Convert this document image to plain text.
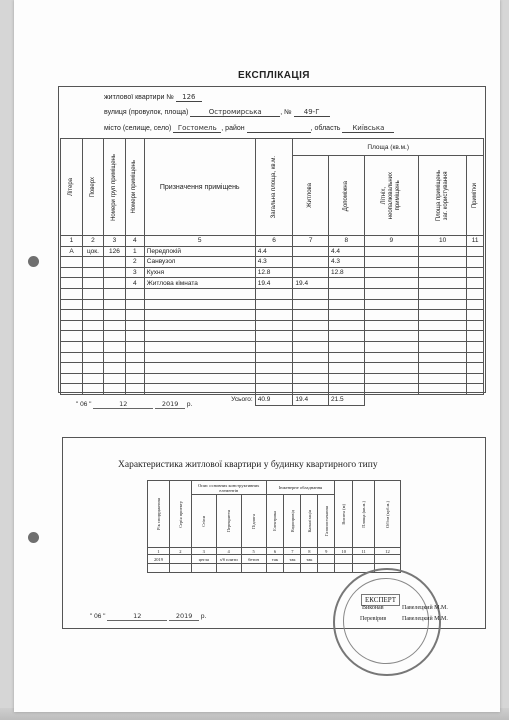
ЕКСПЛІКАЦІЯ
житлової квартири № 126
вулиця (провулок, площа)	Остромирська	, № 49-Г
місто (селище, село) Гостомель , район	, область Київська
Літера	Поверх	Номери груп приміщень	Номери приміщень	Призначення приміщень	Загальна площа, кв.м.	Площа (кв.м.)				

						Житлова	Допоміжна	Літніх,
неопалювальних
приміщень	Площа приміщень
заг. користування	Примітки

1	2	3	4	5	6	7	8	9	10	11
А	цок.	126	1	Передпокій	4.4		4.4			
			2	Санвузол	4.3		4.3			
			3	Кухня	12.8		12.8			
			4	Житлова кімната	19.4	19.4				

				Усього:	40.9	19.4	21.5			
" 06 "	12	2019 р.
Характеристика житлової квартири у будинку квартирного типу
Рік спорудження	Серія проекту	Опис основних конструктивних елементів			Інженерне обладнання				Висота (м)	Площа (кв.м.)	Об'єм (куб.м.)

		Стіни	Перекриття	Підлога	Електрика	Водопровід	Каналізація	Газопостачання			

1	2	3	4	5	6	7	8	9	10	11	12
2019		цегла	з/б плити	бетон	так	так	так				

" 06 "	12	2019 р.
ЕКСПЕРТ
Виконав	Павелецкий М.М.
Перевірив	Павелецкий М.М.
